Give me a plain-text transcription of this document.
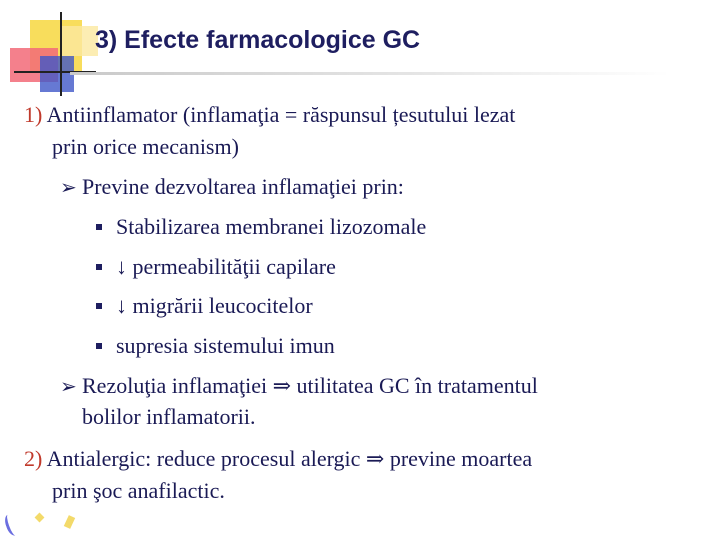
3) Efecte farmacologice GC
1) Antiinflamator (inflamaţia = răspunsul țesutului lezat
prin orice mecanism)
➢ Previne dezvoltarea inflamaţiei prin:
Stabilizarea membranei lizozomale
↓ permeabilităţii capilare
↓ migrării leucocitelor
supresia sistemului imun
➢ Rezoluţia inflamaţiei ⇒ utilitatea GC în tratamentul
bolilor inflamatorii.
2) Antialergic: reduce procesul alergic ⇒ previne moartea
prin şoc anafilactic.
